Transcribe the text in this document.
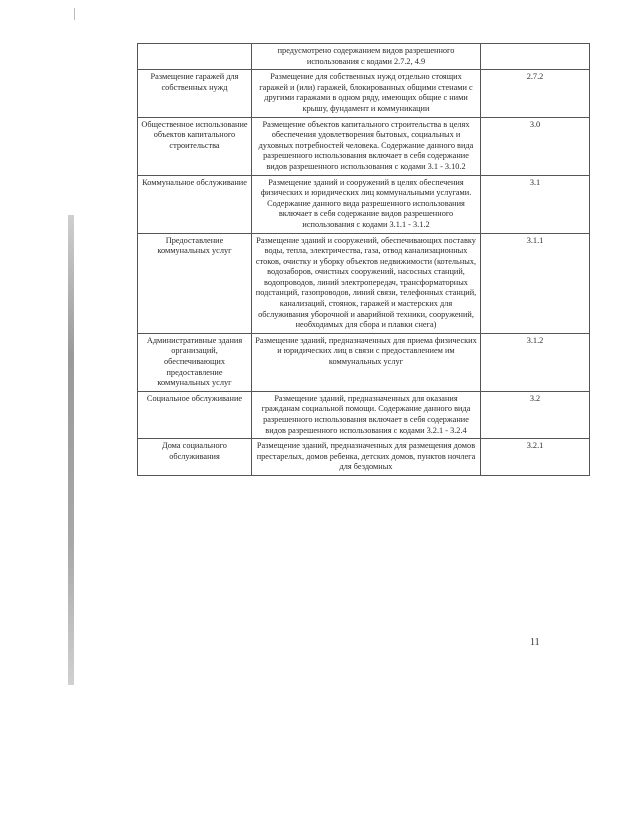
	предусмотрено содержанием видов разрешенного использования с кодами 2.7.2, 4.9	
Размещение гаражей для собственных нужд	Размещение для собственных нужд отдельно стоящих гаражей и (или) гаражей, блокированных общими стенами с другими гаражами в одном ряду, имеющих общие с ними крышу, фундамент и коммуникации	2.7.2
Общественное использование объектов капитального строительства	Размещение объектов капитального строительства в целях обеспечения удовлетворения бытовых, социальных и духовных потребностей человека. Содержание данного вида разрешенного использования включает в себя содержание видов разрешенного использования с кодами 3.1 - 3.10.2	3.0
Коммунальное обслуживание	Размещение зданий и сооружений в целях обеспечения физических и юридических лиц коммунальными услугами. Содержание данного вида разрешенного использования включает в себя содержание видов разрешенного использования с кодами 3.1.1 - 3.1.2	3.1
Предоставление коммунальных услуг	Размещение зданий и сооружений, обеспечивающих поставку воды, тепла, электричества, газа, отвод канализационных стоков, очистку и уборку объектов недвижимости (котельных, водозаборов, очистных сооружений, насосных станций, водопроводов, линий электропередач, трансформаторных подстанций, газопроводов, линий связи, телефонных станций, канализаций, стоянок, гаражей и мастерских для обслуживания уборочной и аварийной техники, сооружений, необходимых для сбора и плавки снега)	3.1.1
Административные здания организаций, обеспечивающих предоставление коммунальных услуг	Размещение зданий, предназначенных для приема физических и юридических лиц в связи с предоставлением им коммунальных услуг	3.1.2
Социальное обслуживание	Размещение зданий, предназначенных для оказания гражданам социальной помощи. Содержание данного вида разрешенного использования включает в себя содержание видов разрешенного использования с кодами 3.2.1 - 3.2.4	3.2
Дома социального обслуживания	Размещение зданий, предназначенных для размещения домов престарелых, домов ребенка, детских домов, пунктов ночлега для бездомных	3.2.1
11
